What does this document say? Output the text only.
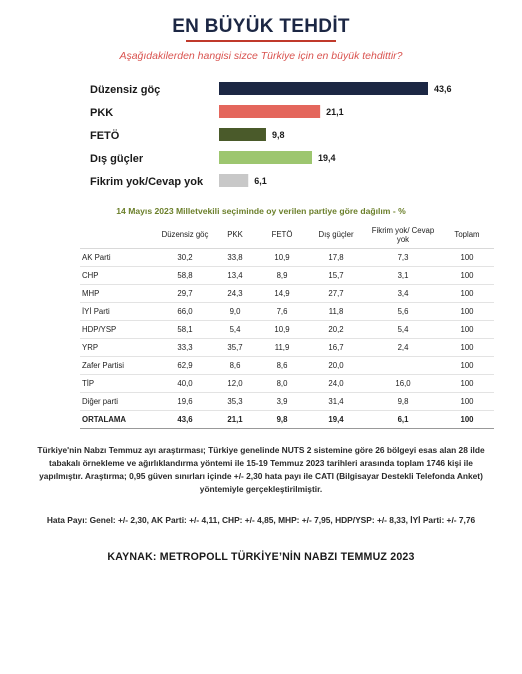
EN BÜYÜK TEHDİT
Aşağıdakilerden hangisi sizce Türkiye için en büyük tehdittir?
Düzensiz göç	43,6
PKK	21,1
FETÖ	9,8
Dış güçler	19,4
Fikrim yok/Cevap yok	6,1
14 Mayıs 2023 Milletvekili seçiminde oy verilen partiye göre dağılım - %
	Düzensiz göç	PKK	FETÖ	Dış güçler	Fikrim yok/ Cevap yok	Toplam
AK Parti	30,2	33,8	10,9	17,8	7,3	100
CHP	58,8	13,4	8,9	15,7	3,1	100
MHP	29,7	24,3	14,9	27,7	3,4	100
İYİ Parti	66,0	9,0	7,6	11,8	5,6	100
HDP/YSP	58,1	5,4	10,9	20,2	5,4	100
YRP	33,3	35,7	11,9	16,7	2,4	100
Zafer Partisi	62,9	8,6	8,6	20,0		100
TİP	40,0	12,0	8,0	24,0	16,0	100
Diğer parti	19,6	35,3	3,9	31,4	9,8	100
ORTALAMA	43,6	21,1	9,8	19,4	6,1	100
Türkiye'nin Nabzı Temmuz ayı araştırması; Türkiye genelinde NUTS 2 sistemine göre 26 bölgeyi esas alan 28 ilde tabakalı örnekleme ve ağırlıklandırma yöntemi ile 15-19 Temmuz 2023 tarihleri arasında toplam 1746 kişi ile yapılmıştır. Araştırma; 0,95 güven sınırları içinde +/- 2,30 hata payı ile CATI (Bilgisayar Destekli Telefonda Anket) yöntemiyle gerçekleştirilmiştir.
Hata Payı: Genel: +/- 2,30, AK Parti: +/- 4,11, CHP: +/- 4,85, MHP: +/- 7,95, HDP/YSP: +/- 8,33, İYİ Parti: +/- 7,76
KAYNAK: METROPOLL TÜRKİYE’NİN NABZI TEMMUZ 2023
